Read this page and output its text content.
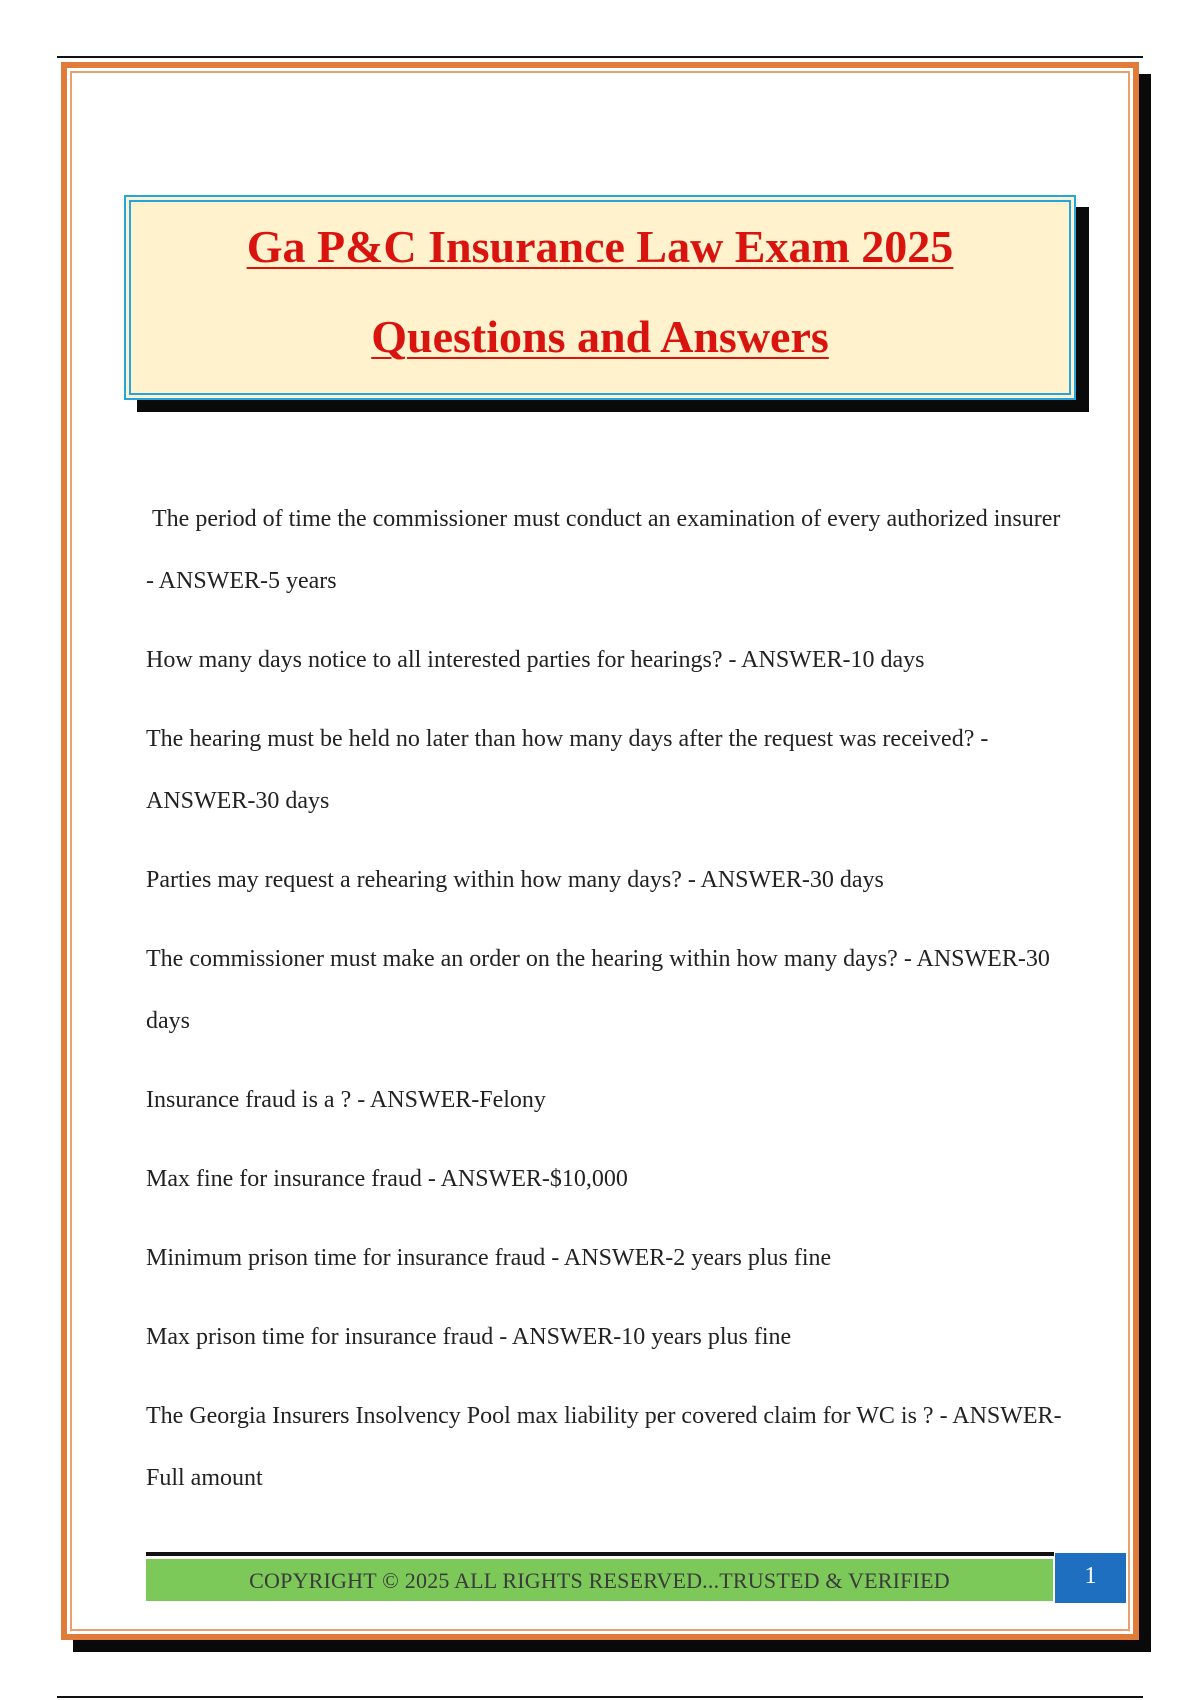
Ga P&C Insurance Law Exam 2025
Questions and Answers
The period of time the commissioner must conduct an examination of every authorized insurer - ANSWER-5 years
How many days notice to all interested parties for hearings? - ANSWER-10 days
The hearing must be held no later than how many days after the request was received? - ANSWER-30 days
Parties may request a rehearing within how many days? - ANSWER-30 days
The commissioner must make an order on the hearing within how many days? - ANSWER-30 days
Insurance fraud is a ? - ANSWER-Felony
Max fine for insurance fraud - ANSWER-$10,000
Minimum prison time for insurance fraud - ANSWER-2 years plus fine
Max prison time for insurance fraud - ANSWER-10 years plus fine
The Georgia Insurers Insolvency Pool max liability per covered claim for WC is ? - ANSWER-Full amount
COPYRIGHT © 2025 ALL RIGHTS RESERVED...TRUSTED & VERIFIED	1
